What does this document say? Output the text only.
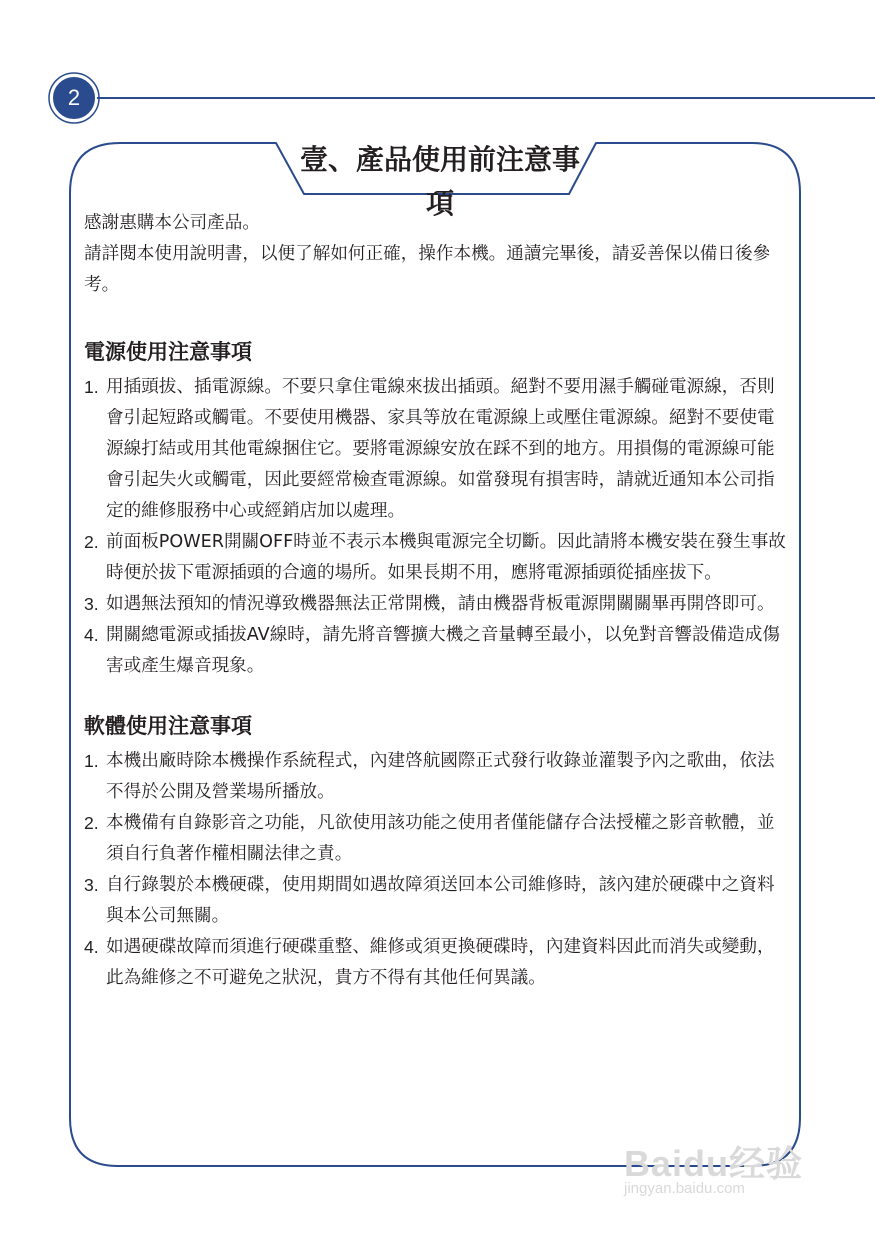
2
壹、產品使用前注意事項

感謝惠購本公司產品。

請詳閱本使用說明書，以便了解如何正確，操作本機。通讀完畢後，請妥善保以備日後參考。

電源使用注意事項
1. 用插頭拔、插電源線。不要只拿住電線來拔出插頭。絕對不要用濕手觸碰電源線，否則會引起短路或觸電。不要使用機器、家具等放在電源線上或壓住電源線。絕對不要使電源線打結或用其他電線捆住它。要將電源線安放在踩不到的地方。用損傷的電源線可能會引起失火或觸電，因此要經常檢查電源線。如當發現有損害時，請就近通知本公司指定的維修服務中心或經銷店加以處理。
2. 前面板POWER開關OFF時並不表示本機與電源完全切斷。因此請將本機安裝在發生事故時便於拔下電源插頭的合適的場所。如果長期不用，應將電源插頭從插座拔下。
3. 如遇無法預知的情況導致機器無法正常開機，請由機器背板電源開關關畢再開啓即可。
4. 開關總電源或插拔AV線時，請先將音響擴大機之音量轉至最小，以免對音響設備造成傷害或產生爆音現象。
軟體使用注意事項
1. 本機出廠時除本機操作系統程式，內建啓航國際正式發行收錄並灌製予內之歌曲，依法不得於公開及營業場所播放。
2. 本機備有自錄影音之功能，凡欲使用該功能之使用者僅能儲存合法授權之影音軟體，並須自行負著作權相關法律之責。
3. 自行錄製於本機硬碟，使用期間如遇故障須送回本公司維修時，該內建於硬碟中之資料與本公司無關。
4. 如遇硬碟故障而須進行硬碟重整、維修或須更換硬碟時，內建資料因此而消失或變動，此為維修之不可避免之狀況，貴方不得有其他任何異議。
Baidu经验
jingyan.baidu.com
